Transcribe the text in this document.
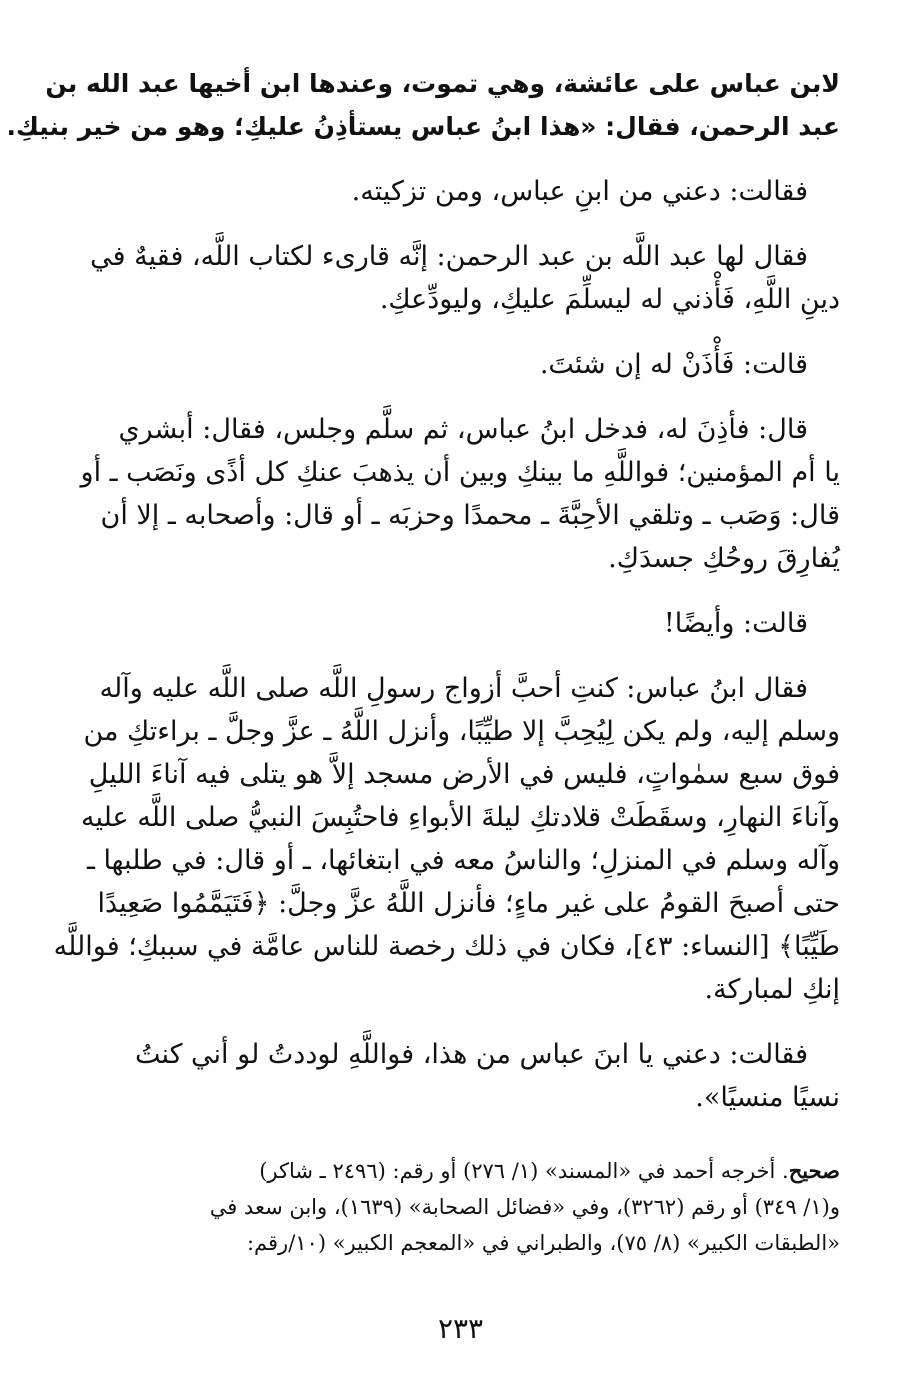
لابن عباس على عائشة، وهي تموت، وعندها ابن أخيها عبد الله بن
عبد الرحمن، فقال: «هذا ابنُ عباس يستأذِنُ عليكِ؛ وهو من خير بنيكِ.
فقالت: دعني من ابنِ عباس، ومن تزكيته.
فقال لها عبد اللَّه بن عبد الرحمن: إنَّه قارىء لكتاب اللَّه، فقيهٌ في
دينِ اللَّهِ، فَأْذني له ليسلِّمَ عليكِ، وليودِّعكِ.
قالت: فَأْذَنْ له إن شئتَ.
قال: فأذِنَ له، فدخل ابنُ عباس، ثم سلَّم وجلس، فقال: أبشري
يا أم المؤمنين؛ فواللَّهِ ما بينكِ وبين أن يذهبَ عنكِ كل أذًى ونَصَب ـ أو
قال: وَصَب ـ وتلقي الأحِبَّةَ ـ محمدًا وحزبَه ـ أو قال: وأصحابه ـ إلا أن
يُفارِقَ روحُكِ جسدَكِ.
قالت: وأيضًا!
فقال ابنُ عباس: كنتِ أحبَّ أزواج رسولِ اللَّه صلى اللَّه عليه وآله
وسلم إليه، ولم يكن لِيُحِبَّ إلا طيِّبًا، وأنزل اللَّهُ ـ عزَّ وجلَّ ـ براءتكِ من
فوق سبع سمٰواتٍ، فليس في الأرض مسجد إلاَّ هو يتلى فيه آناءَ الليلِ
وآناءَ النهارِ، وسقَطَتْ قلادتكِ ليلةَ الأبواءِ فاحتُبِسَ النبيُّ صلى اللَّه عليه
وآله وسلم في المنزلِ؛ والناسُ معه في ابتغائها، ـ أو قال: في طلبها ـ
حتى أصبحَ القومُ على غير ماءٍ؛ فأنزل اللَّهُ عزَّ وجلَّ: ﴿فَتَيَمَّمُوا صَعِيدًا
طَيِّبًا﴾ [النساء: ٤٣]، فكان في ذلك رخصة للناس عامَّة في سببكِ؛ فواللَّه
إنكِ لمباركة.
فقالت: دعني يا ابنَ عباس من هذا، فواللَّهِ لوددتُ لو أني كنتُ
نسيًا منسيًا».
صحيح. أخرجه أحمد في «المسند» (١/ ٢٧٦) أو رقم: (٢٤٩٦ ـ شاكر)
و(١/ ٣٤٩) أو رقم (٣٢٦٢)، وفي «فضائل الصحابة» (١٦٣٩)، وابن سعد في
«الطبقات الكبير» (٨/ ٧٥)، والطبراني في «المعجم الكبير» (١٠/رقم:
٢٣٣
